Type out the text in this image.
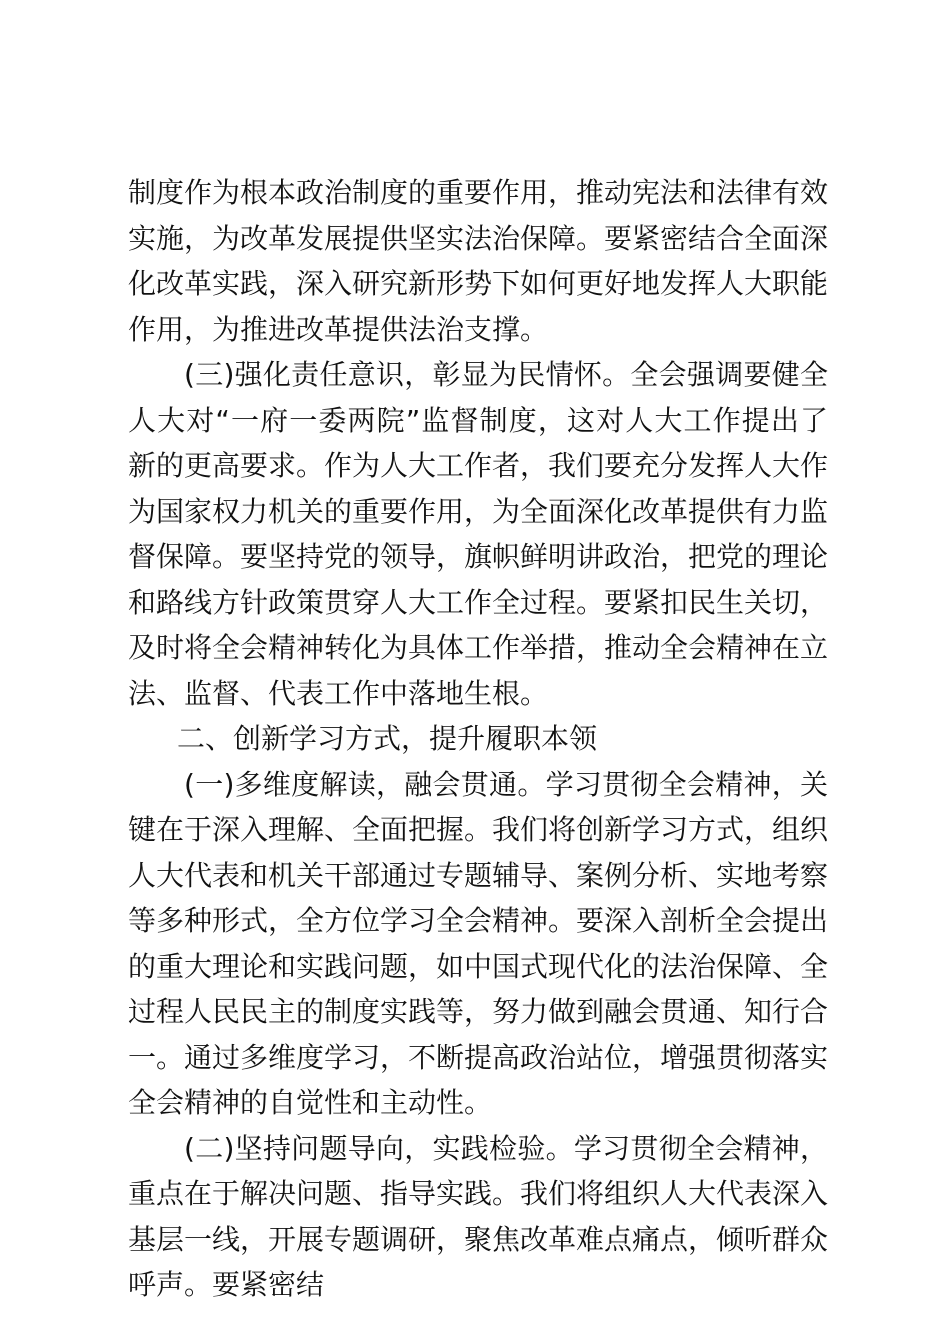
制度作为根本政治制度的重要作用，推动宪法和法律有效实施，为改革发展提供坚实法治保障。要紧密结合全面深化改革实践，深入研究新形势下如何更好地发挥人大职能作用，为推进改革提供法治支撑。

(三)强化责任意识，彰显为民情怀。全会强调要健全人大对“一府一委两院”监督制度，这对人大工作提出了新的更高要求。作为人大工作者，我们要充分发挥人大作为国家权力机关的重要作用，为全面深化改革提供有力监督保障。要坚持党的领导，旗帜鲜明讲政治，把党的理论和路线方针政策贯穿人大工作全过程。要紧扣民生关切，及时将全会精神转化为具体工作举措，推动全会精神在立法、监督、代表工作中落地生根。

二、创新学习方式，提升履职本领

(一)多维度解读，融会贯通。学习贯彻全会精神，关键在于深入理解、全面把握。我们将创新学习方式，组织人大代表和机关干部通过专题辅导、案例分析、实地考察等多种形式，全方位学习全会精神。要深入剖析全会提出的重大理论和实践问题，如中国式现代化的法治保障、全过程人民民主的制度实践等，努力做到融会贯通、知行合一。通过多维度学习，不断提高政治站位，增强贯彻落实全会精神的自觉性和主动性。

(二)坚持问题导向，实践检验。学习贯彻全会精神，重点在于解决问题、指导实践。我们将组织人大代表深入基层一线，开展专题调研，聚焦改革难点痛点，倾听群众呼声。要紧密结
